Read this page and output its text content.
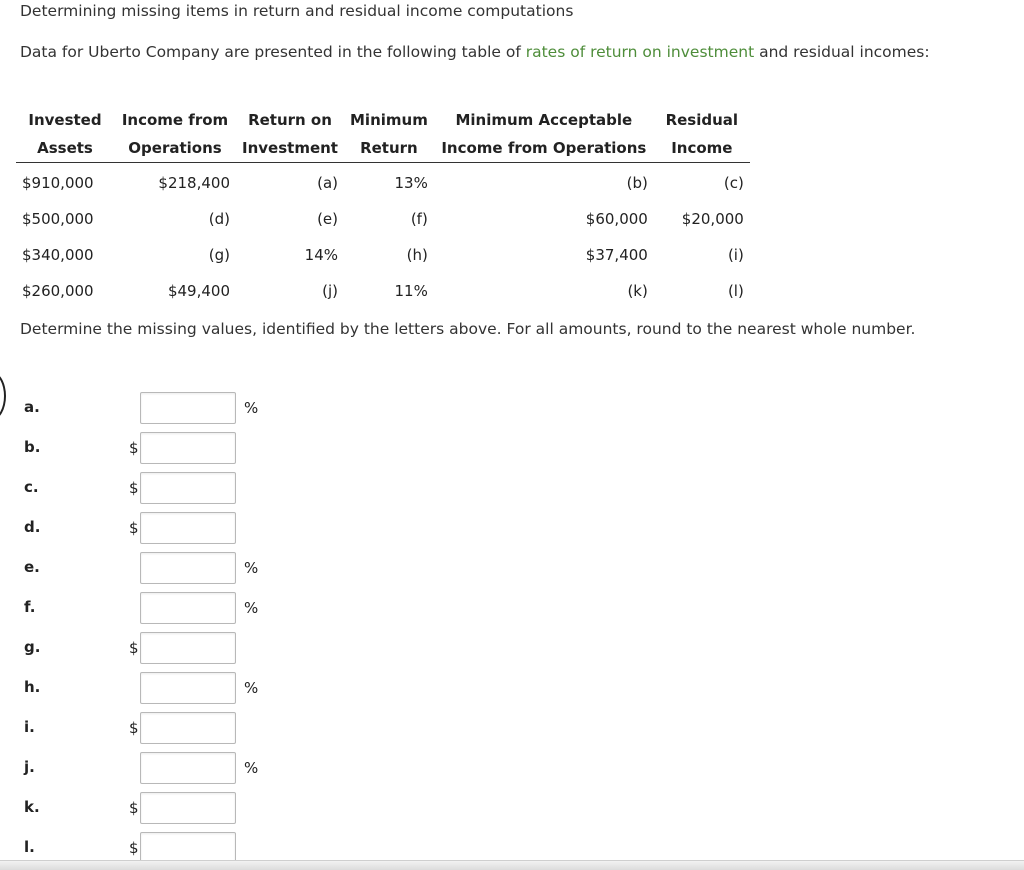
Determining missing items in return and residual income computations
Data for Uberto Company are presented in the following table of rates of return on investment and residual incomes:
Invested	Income from	Return on	Minimum	Minimum Acceptable	Residual
Assets	Operations	Investment	Return	Income from Operations	Income
$910,000	$218,400	(a)	13%	(b)	(c)
$500,000	(d)	(e)	(f)	$60,000	$20,000
$340,000	(g)	14%	(h)	$37,400	(i)
$260,000	$49,400	(j)	11%	(k)	(l)
Determine the missing values, identified by the letters above. For all amounts, round to the nearest whole number.
a.	%
b.	$
c.	$
d.	$
e.	%
f.	%
g.	$
h.	%
i.	$
j.	%
k.	$
l.	$
